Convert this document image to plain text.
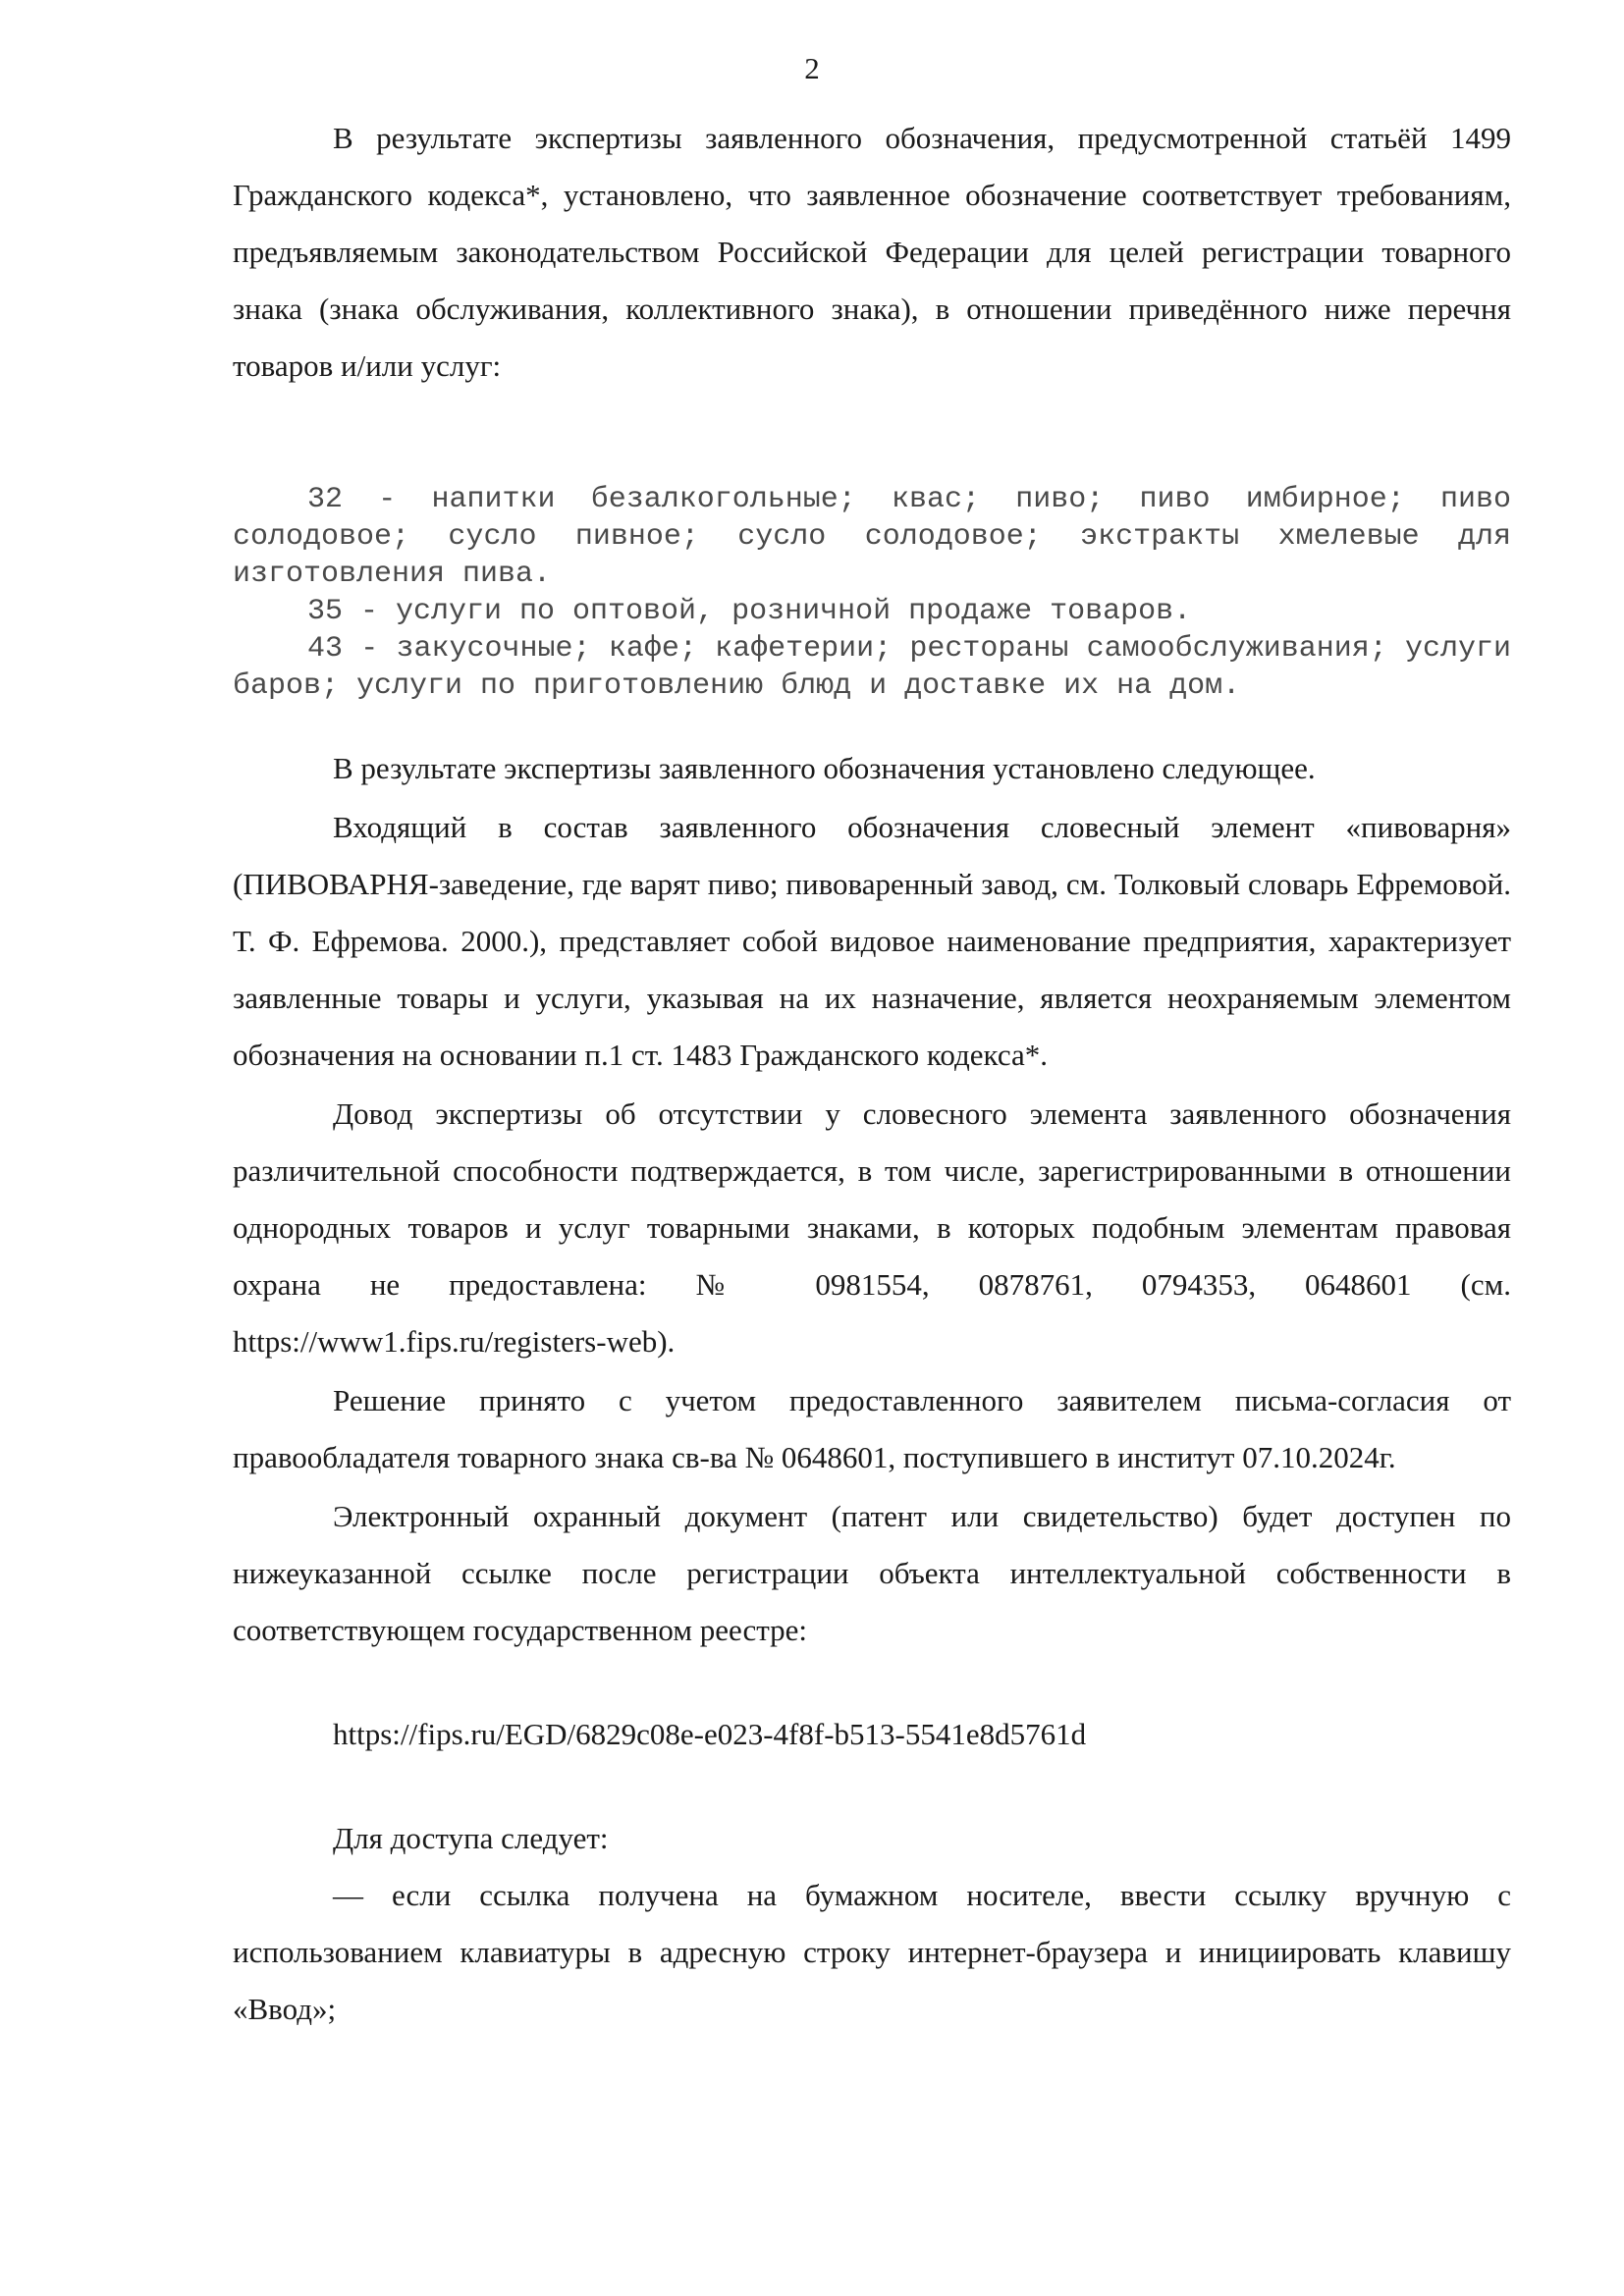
2

В результате экспертизы заявленного обозначения, предусмотренной статьёй 1499 Гражданского кодекса*, установлено, что заявленное обозначение соответствует требованиям, предъявляемым законодательством Российской Федерации для целей регистрации товарного знака (знака обслуживания, коллективного знака), в отношении приведённого ниже перечня товаров и/или услуг:

32 - напитки безалкогольные; квас; пиво; пиво имбирное; пиво солодовое; сусло пивное; сусло солодовое; экстракты хмелевые для изготовления пива.

35 - услуги по оптовой, розничной продаже товаров.

43 - закусочные; кафе; кафетерии; рестораны самообслуживания; услуги баров; услуги по приготовлению блюд и доставке их на дом.

В результате экспертизы заявленного обозначения установлено следующее.

Входящий в состав заявленного обозначения словесный элемент «пивоварня» (ПИВОВАРНЯ-заведение, где варят пиво; пивоваренный завод, см. Толковый словарь Ефремовой. Т. Ф. Ефремова. 2000.), представляет собой видовое наименование предприятия, характеризует заявленные товары и услуги, указывая на их назначение, является неохраняемым элементом обозначения на основании п.1 ст. 1483 Гражданского кодекса*.

Довод экспертизы об отсутствии у словесного элемента заявленного обозначения различительной способности подтверждается, в том числе, зарегистрированными в отношении однородных товаров и услуг товарными знаками, в которых подобным элементам правовая охрана не предоставлена: № 0981554, 0878761, 0794353, 0648601 (см. https://www1.fips.ru/registers-web).

Решение принято с учетом предоставленного заявителем письма-согласия от правообладателя товарного знака св-ва № 0648601, поступившего в институт 07.10.2024г.

Электронный охранный документ (патент или свидетельство) будет доступен по нижеуказанной ссылке после регистрации объекта интеллектуальной собственности в соответствующем государственном реестре:

https://fips.ru/EGD/6829c08e-e023-4f8f-b513-5541e8d5761d

Для доступа следует:

— если ссылка получена на бумажном носителе, ввести ссылку вручную с использованием клавиатуры в адресную строку интернет-браузера и инициировать клавишу «Ввод»;
